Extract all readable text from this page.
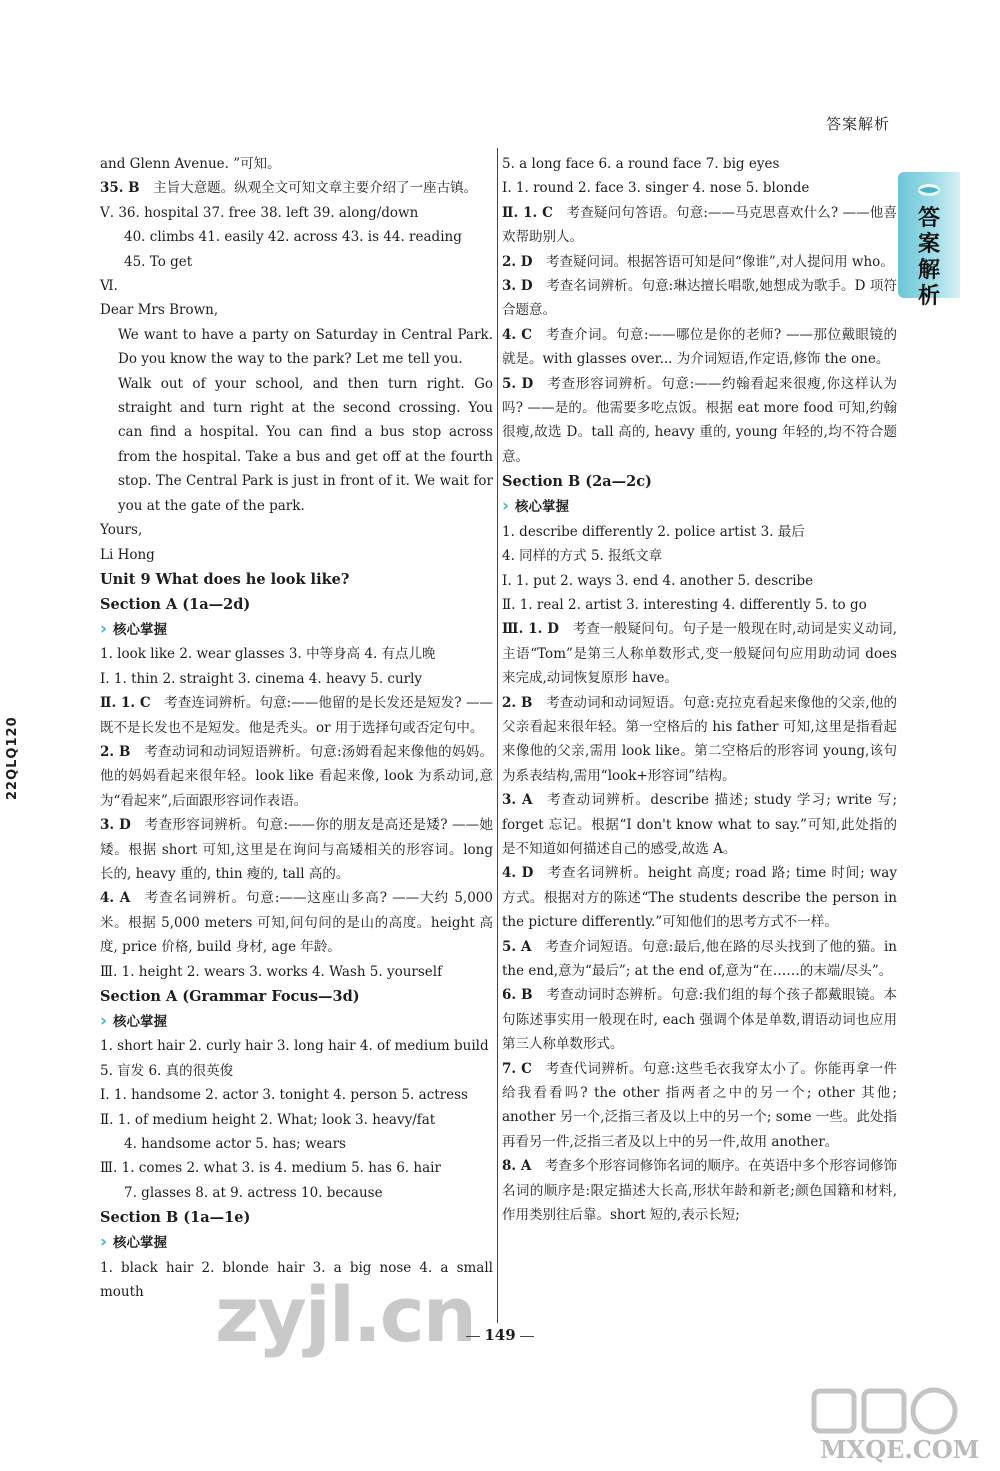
答案解析
答案解析
22QLQ120

and Glenn Avenue. ”可知。

35. B  主旨大意题。纵观全文可知文章主要介绍了一座古镇。

Ⅴ. 36. hospital 37. free 38. left 39. along/down

40. climbs 41. easily 42. across 43. is 44. reading

45. To get

Ⅵ.

Dear Mrs Brown,

We want to have a party on Saturday in Central Park. Do you know the way to the park? Let me tell you.

Walk out of your school, and then turn right. Go straight and turn right at the second crossing. You can find a hospital. You can find a bus stop across from the hospital. Take a bus and get off at the fourth stop. The Central Park is just in front of it. We wait for you at the gate of the park.

Yours,

Li Hong

Unit 9 What does he look like?

Section A (1a—2d)

› 核心掌握

1. look like 2. wear glasses 3. 中等身高 4. 有点儿晚

Ⅰ. 1. thin 2. straight 3. cinema 4. heavy 5. curly

Ⅱ. 1. C  考查连词辨析。句意:——他留的是长发还是短发? ——既不是长发也不是短发。他是秃头。or 用于选择句或否定句中。

2. B  考查动词和动词短语辨析。句意:汤姆看起来像他的妈妈。他的妈妈看起来很年轻。look like 看起来像, look 为系动词,意为“看起来”,后面跟形容词作表语。

3. D  考查形容词辨析。句意:——你的朋友是高还是矮? ——她矮。根据 short 可知,这里是在询问与高矮相关的形容词。long 长的, heavy 重的, thin 瘦的, tall 高的。

4. A  考查名词辨析。句意:——这座山多高? ——大约 5,000 米。根据 5,000 meters 可知,问句问的是山的高度。height 高度, price 价格, build 身材, age 年龄。

Ⅲ. 1. height 2. wears 3. works 4. Wash 5. yourself

Section A (Grammar Focus—3d)

› 核心掌握

1. short hair 2. curly hair 3. long hair 4. of medium build

5. 盲发 6. 真的很英俊

Ⅰ. 1. handsome 2. actor 3. tonight 4. person 5. actress

Ⅱ. 1. of medium height 2. What; look 3. heavy/fat

4. handsome actor 5. has; wears

Ⅲ. 1. comes 2. what 3. is 4. medium 5. has 6. hair

7. glasses 8. at 9. actress 10. because

Section B (1a—1e)

› 核心掌握

1. black hair 2. blonde hair 3. a big nose 4. a small mouth

5. a long face 6. a round face 7. big eyes

Ⅰ. 1. round 2. face 3. singer 4. nose 5. blonde

Ⅱ. 1. C  考查疑问句答语。句意:——马克思喜欢什么? ——他喜欢帮助别人。

2. D  考查疑问词。根据答语可知是问“像谁”,对人提问用 who。

3. D  考查名词辨析。句意:琳达擅长唱歌,她想成为歌手。D 项符合题意。

4. C  考查介词。句意:——哪位是你的老师? ——那位戴眼镜的就是。with glasses over... 为介词短语,作定语,修饰 the one。

5. D  考查形容词辨析。句意:——约翰看起来很瘦,你这样认为吗? ——是的。他需要多吃点饭。根据 eat more food 可知,约翰很瘦,故选 D。tall 高的, heavy 重的, young 年轻的,均不符合题意。

Section B (2a—2c)

› 核心掌握

1. describe differently 2. police artist 3. 最后

4. 同样的方式 5. 报纸文章

Ⅰ. 1. put 2. ways 3. end 4. another 5. describe

Ⅱ. 1. real 2. artist 3. interesting 4. differently 5. to go

Ⅲ. 1. D  考查一般疑问句。句子是一般现在时,动词是实义动词,主语“Tom”是第三人称单数形式,变一般疑问句应用助动词 does 来完成,动词恢复原形 have。

2. B  考查动词和动词短语。句意:克拉克看起来像他的父亲,他的父亲看起来很年轻。第一空格后的 his father 可知,这里是指看起来像他的父亲,需用 look like。第二空格后的形容词 young,该句为系表结构,需用“look+形容词”结构。

3. A  考查动词辨析。describe 描述; study 学习; write 写; forget 忘记。根据“I don't know what to say.”可知,此处指的是不知道如何描述自己的感受,故选 A。

4. D  考查名词辨析。height 高度; road 路; time 时间; way 方式。根据对方的陈述“The students describe the person in the picture differently.”可知他们的思考方式不一样。

5. A  考查介词短语。句意:最后,他在路的尽头找到了他的猫。in the end,意为“最后”; at the end of,意为“在……的末端/尽头”。

6. B  考查动词时态辨析。句意:我们组的每个孩子都戴眼镜。本句陈述事实用一般现在时, each 强调个体是单数,谓语动词也应用第三人称单数形式。

7. C  考查代词辨析。句意:这些毛衣我穿太小了。你能再拿一件给我看看吗? the other 指两者之中的另一个; other 其他; another 另一个,泛指三者及以上中的另一个; some 一些。此处指再看另一件,泛指三者及以上中的另一件,故用 another。

8. A  考查多个形容词修饰名词的顺序。在英语中多个形容词修饰名词的顺序是:限定描述大长高,形状年龄和新老;颜色国籍和材料,作用类别往后靠。short 短的,表示长短;

149
zyjl.cn
MXQE.COM
